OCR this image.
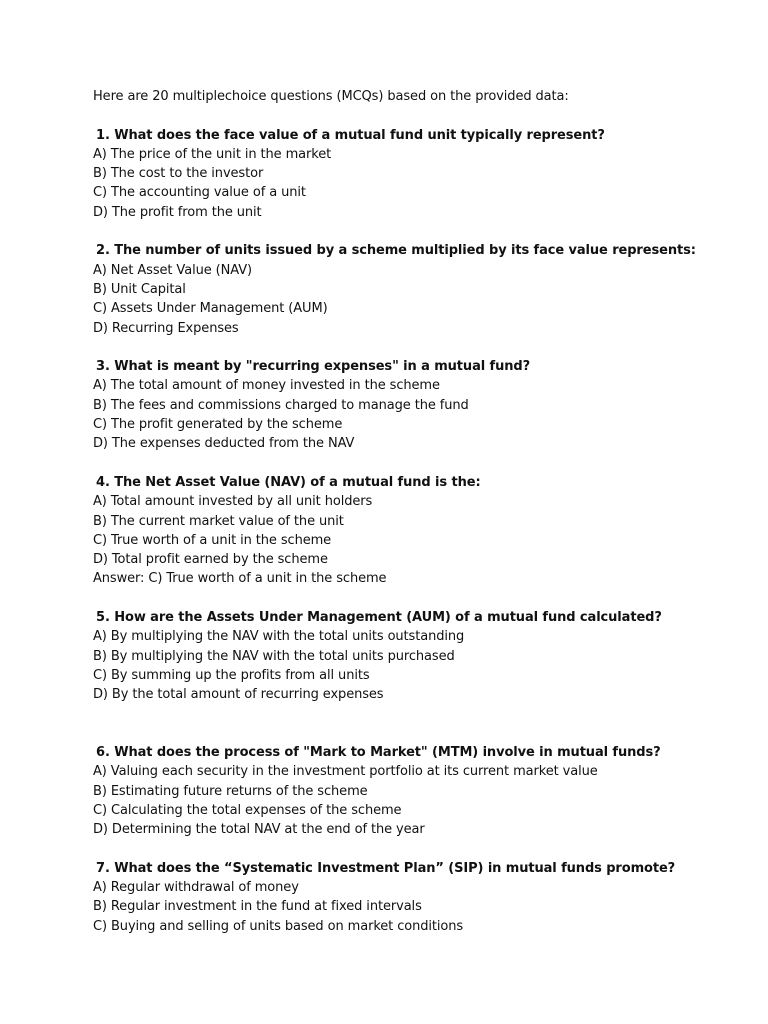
Here are 20 multiplechoice questions (MCQs) based on the provided data:
1. What does the face value of a mutual fund unit typically represent?
A) The price of the unit in the market
B) The cost to the investor
C) The accounting value of a unit
D) The profit from the unit
2. The number of units issued by a scheme multiplied by its face value represents:
A) Net Asset Value (NAV)
B) Unit Capital
C) Assets Under Management (AUM)
D) Recurring Expenses
3. What is meant by "recurring expenses" in a mutual fund?
A) The total amount of money invested in the scheme
B) The fees and commissions charged to manage the fund
C) The profit generated by the scheme
D) The expenses deducted from the NAV
4. The Net Asset Value (NAV) of a mutual fund is the:
A) Total amount invested by all unit holders
B) The current market value of the unit
C) True worth of a unit in the scheme
D) Total profit earned by the scheme
Answer: C) True worth of a unit in the scheme
5. How are the Assets Under Management (AUM) of a mutual fund calculated?
A) By multiplying the NAV with the total units outstanding
B) By multiplying the NAV with the total units purchased
C) By summing up the profits from all units
D) By the total amount of recurring expenses
6. What does the process of "Mark to Market" (MTM) involve in mutual funds?
A) Valuing each security in the investment portfolio at its current market value
B) Estimating future returns of the scheme
C) Calculating the total expenses of the scheme
D) Determining the total NAV at the end of the year
7. What does the “Systematic Investment Plan” (SIP) in mutual funds promote?
A) Regular withdrawal of money
B) Regular investment in the fund at fixed intervals
C) Buying and selling of units based on market conditions
